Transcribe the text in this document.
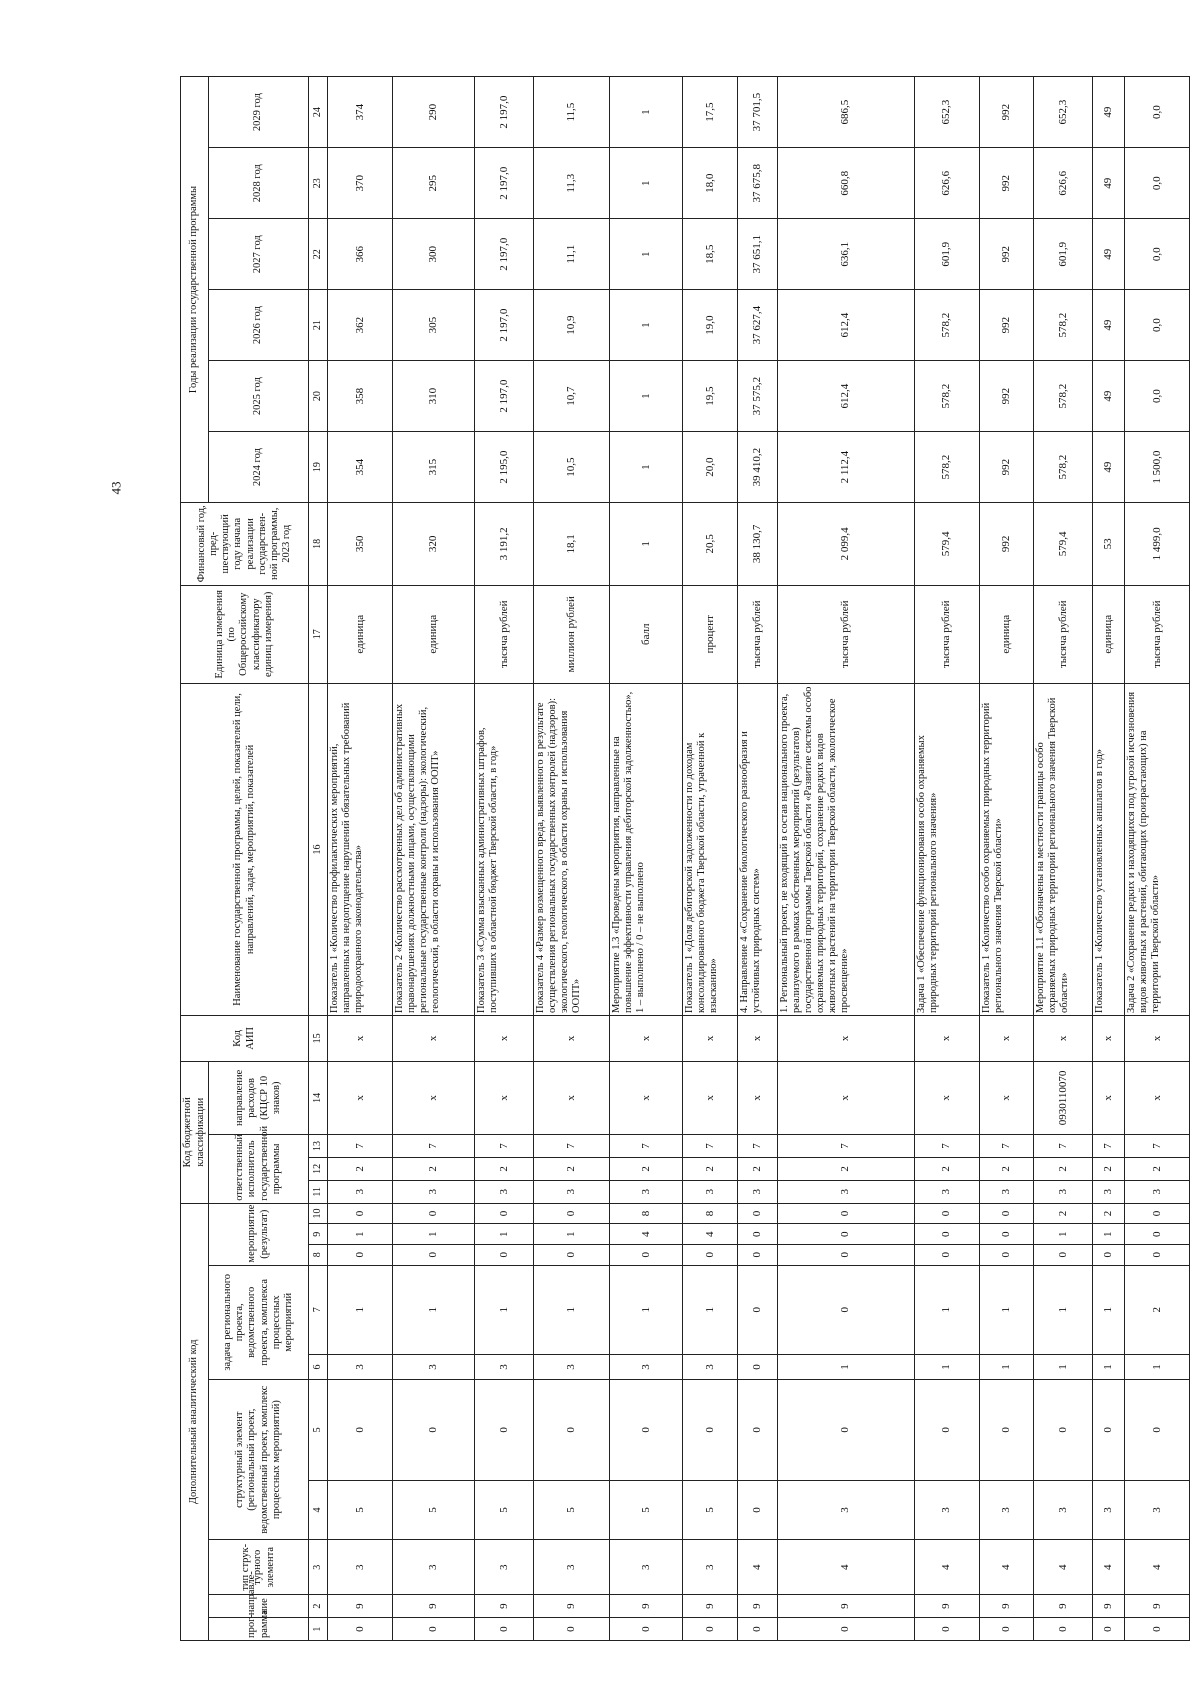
43
Дополнительный аналитический код										Код бюджетной классификации				Код АИП	Наименование государственной программы, целей, показателей цели, направлений, задач, мероприятий, показателей	Единица измерения (по Общероссийскому классификатору единиц измерения)	Финансовый год, пред-шествующий году начала реализации государствен-ной программы, 2023 год	Годы реализации государственной программы					
прог-рамма	направле-ние	тип струк-турного элемента	структурный элемент (региональный проект, ведомственный проект, комплекс процессных мероприятий)		задача регионального проекта, ведомственного проекта, комплекса процессных мероприятий		мероприятие (результат)			ответственный исполнитель государственной программы			направление расходов (КЦСР 10 знаков)					2024 год	2025 год	2026 год	2027 год	2028 год	2029 год

1	2	3	4	5	6	7	8	9	10	11	12	13	14	15	16	17	18	19	20	21	22	23	24
0	9	3	5	0	3	1	0	1	0	3	2	7	х	х	Показатель 1 «Количество профилактических мероприятий, направленных на недопущение нарушений обязательных требований природоохранного законодательства»	единица	350	354	358	362	366	370	374
0	9	3	5	0	3	1	0	1	0	3	2	7	х	х	Показатель 2 «Количество рассмотренных дел об административных правонарушениях должностными лицами, осуществляющими региональные государственные контроли (надзоры): экологический, геологический, в области охраны и использования ООПТ»	единица	320	315	310	305	300	295	290
0	9	3	5	0	3	1	0	1	0	3	2	7	х	х	Показатель 3 «Сумма взысканных административных штрафов, поступивших в областной бюджет Тверской области, в год»	тысяча рублей	3 191,2	2 195,0	2 197,0	2 197,0	2 197,0	2 197,0	2 197,0
0	9	3	5	0	3	1	0	1	0	3	2	7	х	х	Показатель 4 «Размер возмещенного вреда, выявленного в результате осуществления региональных государственных контролей (надзоров): экологического, геологического, в области охраны и использования ООПТ»	миллион рублей	18,1	10,5	10,7	10,9	11,1	11,3	11,5
0	9	3	5	0	3	1	0	4	8	3	2	7	х	х	Мероприятие 1.3 «Проведены мероприятия, направленные на повышение эффективности управления дебиторской задолженностью», 1 – выполнено / 0 – не выполнено	балл	1	1	1	1	1	1	1
0	9	3	5	0	3	1	0	4	8	3	2	7	х	х	Показатель 1 «Доля дебиторской задолженности по доходам консолидированного бюджета Тверской области, утраченной к взысканию»	процент	20,5	20,0	19,5	19,0	18,5	18,0	17,5
0	9	4	0	0	0	0	0	0	0	3	2	7	х	х	4. Направление 4 «Сохранение биологического разнообразия и устойчивых природных систем»	тысяча рублей	38 130,7	39 410,2	37 575,2	37 627,4	37 651,1	37 675,8	37 701,5
0	9	4	3	0	1	0	0	0	0	3	2	7	х	х	1. Региональный проект, не входящий в состав национального проекта, реализуемого в рамках собственных мероприятий (результатов) государственной программы Тверской области «Развитие системы особо охраняемых природных территорий, сохранение редких видов животных и растений на территории Тверской области, экологическое просвещение»	тысяча рублей	2 099,4	2 112,4	612,4	612,4	636,1	660,8	686,5
0	9	4	3	0	1	1	0	0	0	3	2	7	х	х	Задача 1 «Обеспечение функционирования особо охраняемых природных территорий регионального значения»	тысяча рублей	579,4	578,2	578,2	578,2	601,9	626,6	652,3
0	9	4	3	0	1	1	0	0	0	3	2	7	х	х	Показатель 1 «Количество особо охраняемых природных территорий регионального значения Тверской области»	единица	992	992	992	992	992	992	992
0	9	4	3	0	1	1	0	1	2	3	2	7	0930110070	х	Мероприятие 1.1 «Обозначены на местности границы особо охраняемых природных территорий регионального значения Тверской области»	тысяча рублей	579,4	578,2	578,2	578,2	601,9	626,6	652,3
0	9	4	3	0	1	1	0	1	2	3	2	7	х	х	Показатель 1 «Количество установленных аншлагов в год»	единица	53	49	49	49	49	49	49
0	9	4	3	0	1	2	0	0	0	3	2	7	х	х	Задача 2 «Сохранение редких и находящихся под угрозой исчезновения видов животных и растений, обитающих (произрастающих) на территории Тверской области»	тысяча рублей	1 499,0	1 500,0	0,0	0,0	0,0	0,0	0,0
